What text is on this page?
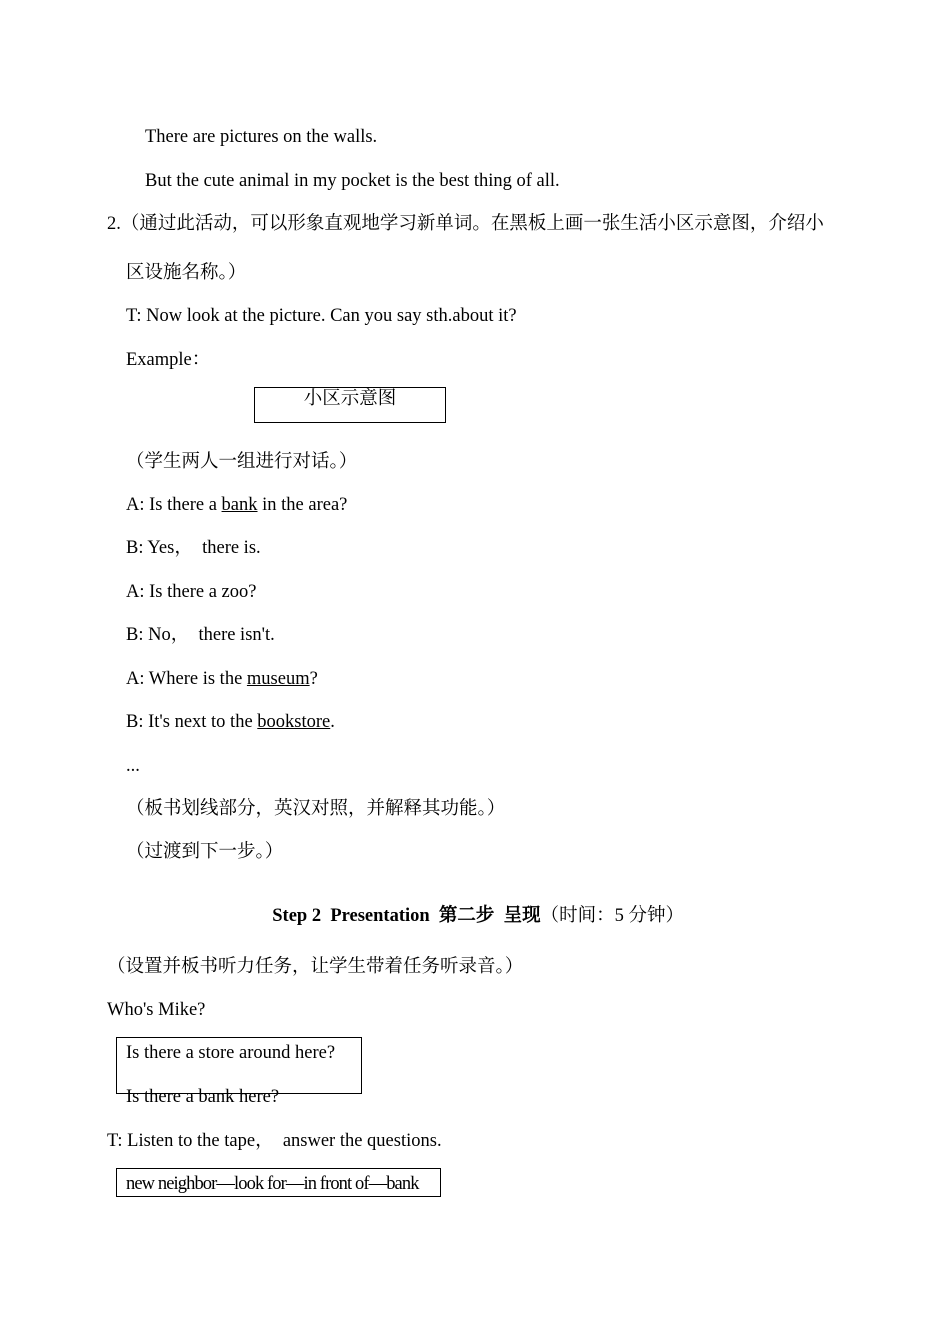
There are pictures on the walls.
But the cute animal in my pocket is the best thing of all.
2.（通过此活动，可以形象直观地学习新单词。在黑板上画一张生活小区示意图，介绍小
区设施名称。）
T: Now look at the picture. Can you say sth.about it?
Example：
小区示意图
（学生两人一组进行对话。）
A: Is there a bank in the area?
B: Yes，  there is.
A: Is there a zoo?
B: No，  there isn't.
A: Where is the museum?
B: It's next to the bookstore.
...
（板书划线部分，英汉对照，并解释其功能。）
（过渡到下一步。）

Step 2  Presentation  第二步  呈现（时间：5 分钟）

（设置并板书听力任务，让学生带着任务听录音。）
Who's Mike?
Is there a store around here?
Is there a bank here?
T: Listen to the tape，  answer the questions.
new neighbor—look for—in front of—bank
